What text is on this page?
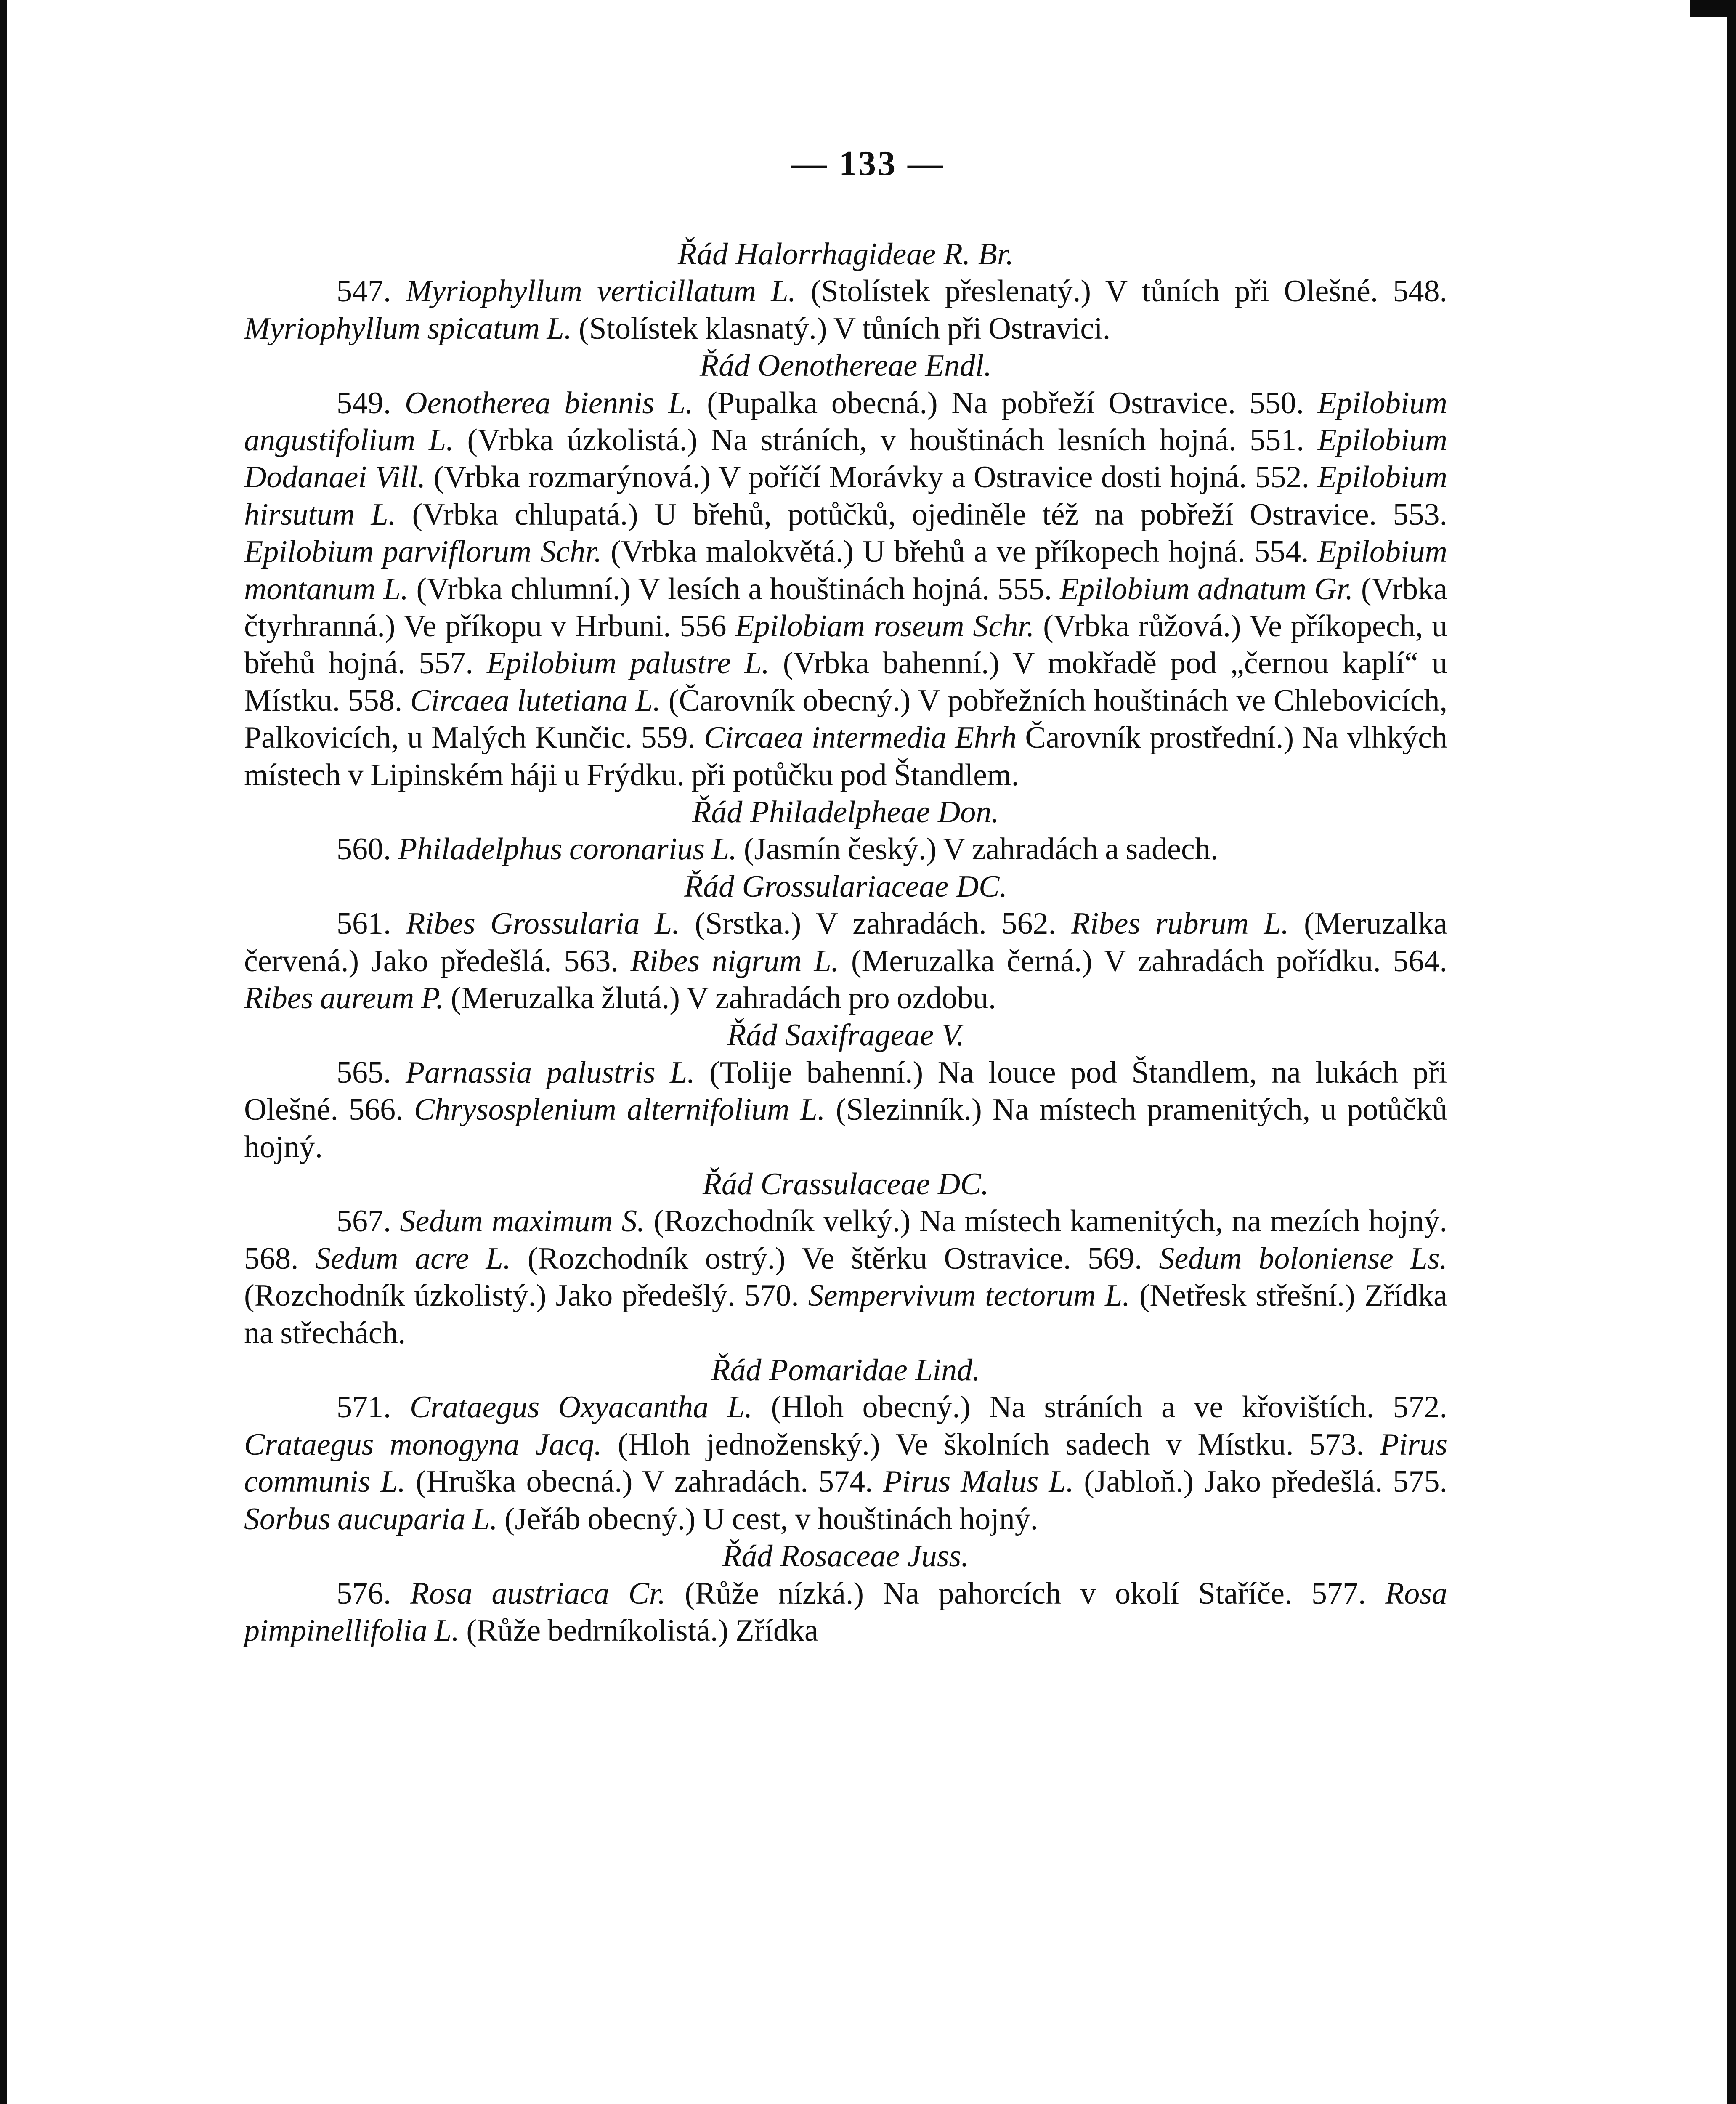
— 133 —
Řád Halorrhagideae R. Br.

547. Myriophyllum verticillatum L. (Stolístek přeslenatý.) V tůních při Olešné. 548. Myriophyllum spicatum L. (Stolístek klasnatý.) V tůních při Ostravici.

Řád Oenothereae Endl.

549. Oenotherea biennis L. (Pupalka obecná.) Na pobřeží Ostravice. 550. Epilobium angustifolium L. (Vrbka úzkolistá.) Na stráních, v houštinách lesních hojná. 551. Epilobium Dodanaei Vill. (Vrbka rozmarýnová.) V poříčí Morávky a Ostravice dosti hojná. 552. Epilobium hirsutum L. (Vrbka chlupatá.) U břehů, potůčků, ojediněle též na pobřeží Ostravice. 553. Epilobium parviflorum Schr. (Vrbka malokvětá.) U břehů a ve příkopech hojná. 554. Epilobium montanum L. (Vrbka chlumní.) V lesích a houštinách hojná. 555. Epilobium adnatum Gr. (Vrbka čtyrhranná.) Ve příkopu v Hrbuni. 556 Epilobiam roseum Schr. (Vrbka růžová.) Ve příkopech, u břehů hojná. 557. Epilobium palustre L. (Vrbka bahenní.) V mokřadě pod „černou kaplí“ u Místku. 558. Circaea lutetiana L. (Čarovník obecný.) V pobřežních houštinách ve Chlebovicích, Palkovicích, u Malých Kunčic. 559. Circaea intermedia Ehrh Čarovník prostřední.) Na vlhkých místech v Lipinském háji u Frýdku. při potůčku pod Štandlem.

Řád Philadelpheae Don.

560. Philadelphus coronarius L. (Jasmín český.) V zahradách a sadech.

Řád Grossulariaceae DC.

561. Ribes Grossularia L. (Srstka.) V zahradách. 562. Ribes rubrum L. (Meruzalka červená.) Jako předešlá. 563. Ribes nigrum L. (Meruzalka černá.) V zahradách pořídku. 564. Ribes aureum P. (Meruzalka žlutá.) V zahradách pro ozdobu.

Řád Saxifrageae V.

565. Parnassia palustris L. (Tolije bahenní.) Na louce pod Štandlem, na lukách při Olešné. 566. Chrysosplenium alternifolium L. (Slezinník.) Na místech pramenitých, u potůčků hojný.

Řád Crassulaceae DC.

567. Sedum maximum S. (Rozchodník velký.) Na místech kamenitých, na mezích hojný. 568. Sedum acre L. (Rozchodník ostrý.) Ve štěrku Ostravice. 569. Sedum boloniense Ls. (Rozchodník úzkolistý.) Jako předešlý. 570. Sempervivum tectorum L. (Netřesk střešní.) Zřídka na střechách.

Řád Pomaridae Lind.

571. Crataegus Oxyacantha L. (Hloh obecný.) Na stráních a ve křovištích. 572. Crataegus monogyna Jacq. (Hloh jednoženský.) Ve školních sadech v Místku. 573. Pirus communis L. (Hruška obecná.) V zahradách. 574. Pirus Malus L. (Jabloň.) Jako předešlá. 575. Sorbus aucuparia L. (Jeřáb obecný.) U cest, v houštinách hojný.

Řád Rosaceae Juss.

576. Rosa austriaca Cr. (Růže nízká.) Na pahorcích v okolí Staříče. 577. Rosa pimpinellifolia L. (Růže bedrníkolistá.) Zřídka
